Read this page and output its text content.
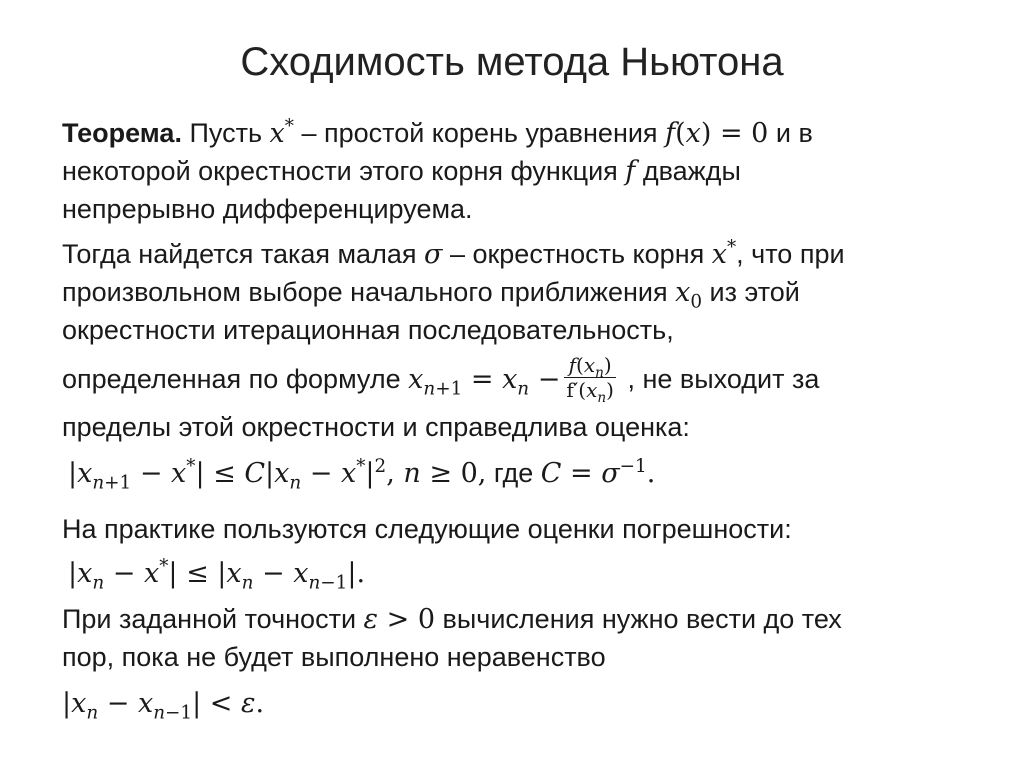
Сходимость метода Ньютона
Теорема. Пусть x* – простой корень уравнения f(x) = 0 и в
некоторой окрестности этого корня функция f дважды
непрерывно дифференцируема.
Тогда найдется такая малая σ – окрестность корня x*, что при
произвольном выборе начального приближения $x_0$ из этой
окрестности итерационная последовательность,
определенная по формуле $x_{n+1} = x_n - \frac{f(x_n)}{f'(x_n)}$ , не выходит за
пределы этой окрестности и справедлива оценка:
$|x_{n+1} - x^*| \le C|x_n - x^*|^2$, n ≥ 0, где $C = \sigma^{-1}$.
На практике пользуются следующие оценки погрешности:
$|x_n - x^*| \le |x_n - x_{n-1}|$.
При заданной точности ε > 0 вычисления нужно вести до тех
пор, пока не будет выполнено неравенство
$|x_n - x_{n-1}| < \varepsilon$.
